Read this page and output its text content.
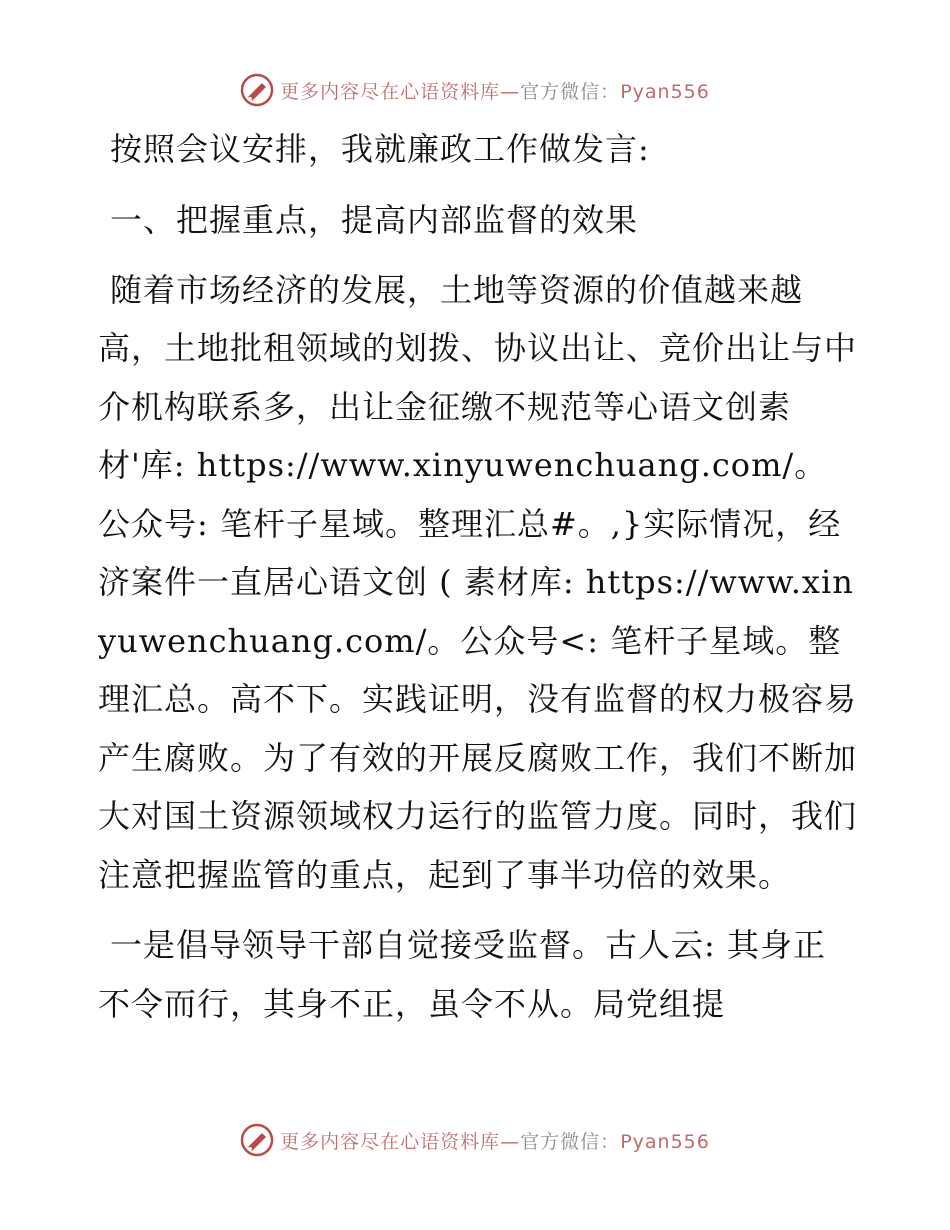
更多内容尽在心语资料库—官方微信：Pyan556

按照会议安排，我就廉政工作做发言:

一、把握重点，提高内部监督的效果

随着市场经济的发展，土地等资源的价值越来越高，土地批租领域的划拨、协议出让、竞价出让与中介机构联系多，出让金征缴不规范等心语文创素材'库: https://www.xinyuwenchuang.com/。公众号: 笔杆子星域。整理汇总#。,}实际情况，经济案件一直居心语文创 ( 素材库: https://www.xinyuwenchuang.com/。公众号<: 笔杆子星域。整理汇总。高不下。实践证明，没有监督的权力极容易产生腐败。为了有效的开展反腐败工作，我们不断加大对国土资源领域权力运行的监管力度。同时，我们注意把握监管的重点，起到了事半功倍的效果。

一是倡导领导干部自觉接受监督。古人云: 其身正不令而行，其身不正，虽令不从。局党组提

更多内容尽在心语资料库—官方微信：Pyan556
